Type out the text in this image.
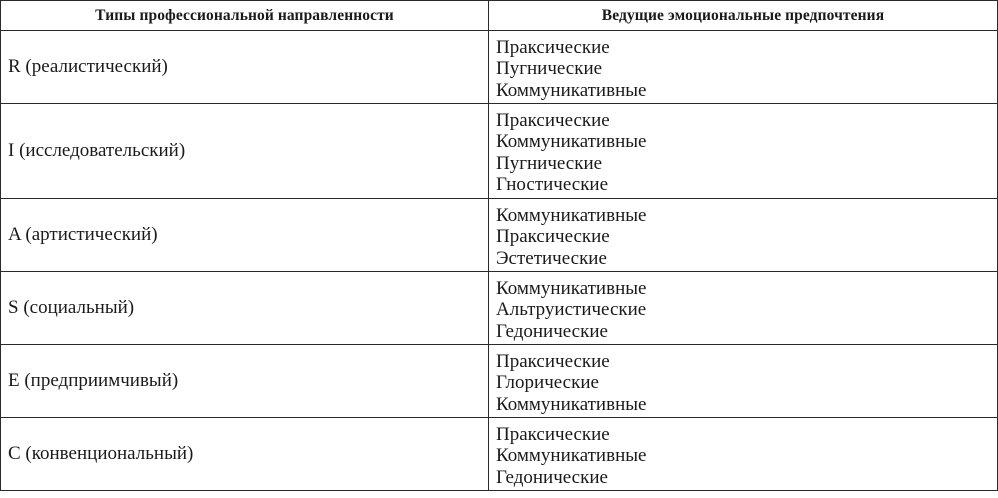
Типы профессиональной направленности	Ведущие эмоциональные предпочтения
R (реалистический)	Праксические
Пугнические
Коммуникативные

I (исследовательский)	Праксические
Коммуникативные
Пугнические
Гностические

A (артистический)	Коммуникативные
Праксические
Эстетические

S (социальный)	Коммуникативные
Альтруистические
Гедонические

E (предприимчивый)	Праксические
Глорические
Коммуникативные

C (конвенциональный)	Праксические
Коммуникативные
Гедонические
